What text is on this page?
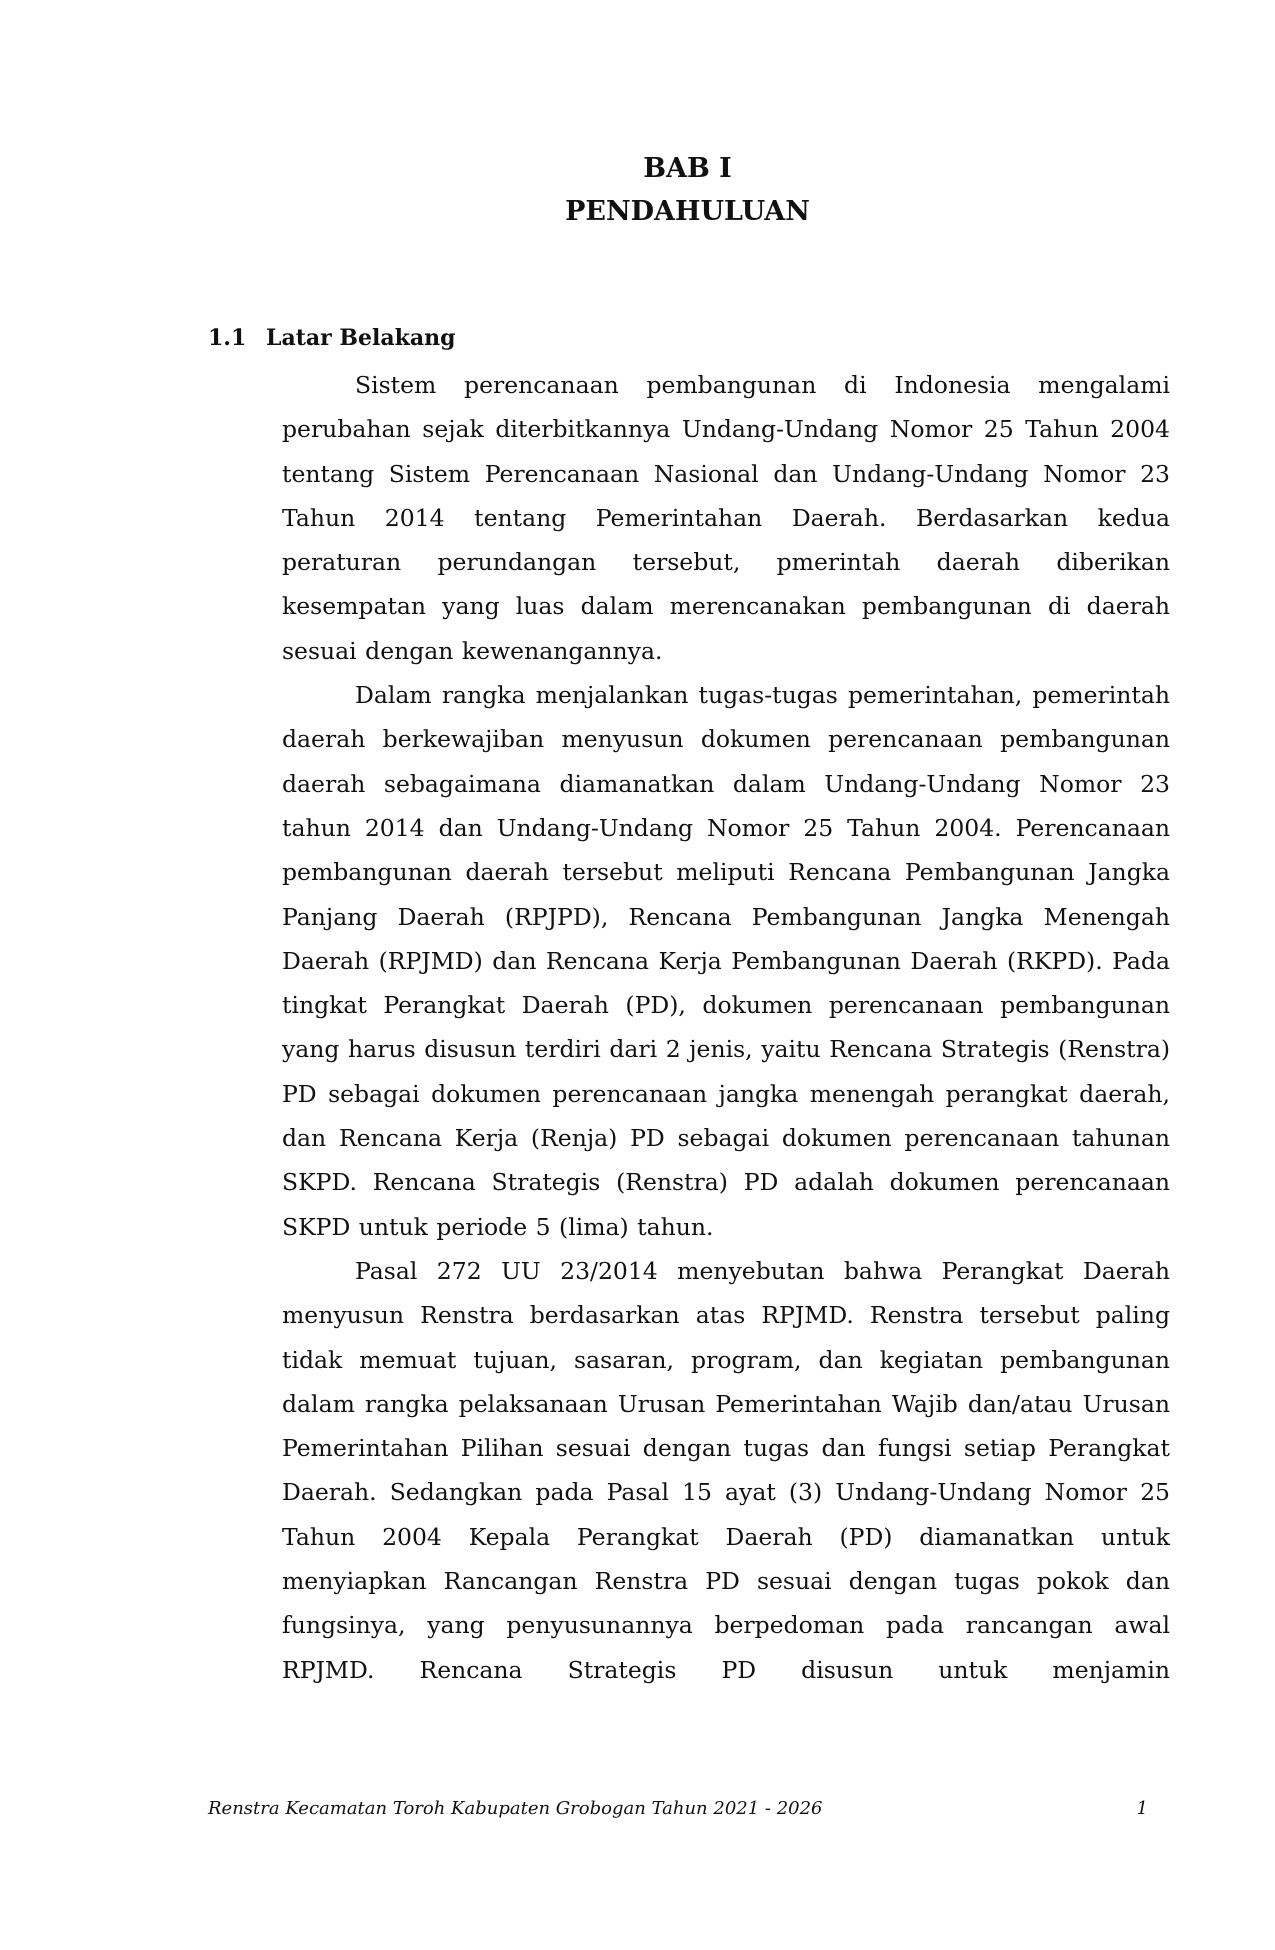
BAB I
PENDAHULUAN
1.1 Latar Belakang

Sistem perencanaan pembangunan di Indonesia mengalami perubahan sejak diterbitkannya Undang-Undang Nomor 25 Tahun 2004 tentang Sistem Perencanaan Nasional dan Undang-Undang Nomor 23 Tahun 2014 tentang Pemerintahan Daerah. Berdasarkan kedua peraturan perundangan tersebut, pmerintah daerah diberikan kesempatan yang luas dalam merencanakan pembangunan di daerah sesuai dengan kewenangannya.

Dalam rangka menjalankan tugas-tugas pemerintahan, pemerintah daerah berkewajiban menyusun dokumen perencanaan pembangunan daerah sebagaimana diamanatkan dalam Undang-Undang Nomor 23 tahun 2014 dan Undang-Undang Nomor 25 Tahun 2004. Perencanaan pembangunan daerah tersebut meliputi Rencana Pembangunan Jangka Panjang Daerah (RPJPD), Rencana Pembangunan Jangka Menengah Daerah (RPJMD) dan Rencana Kerja Pembangunan Daerah (RKPD). Pada tingkat Perangkat Daerah (PD), dokumen perencanaan pembangunan yang harus disusun terdiri dari 2 jenis, yaitu Rencana Strategis (Renstra) PD sebagai dokumen perencanaan jangka menengah perangkat daerah, dan Rencana Kerja (Renja) PD sebagai dokumen perencanaan tahunan SKPD. Rencana Strategis (Renstra) PD adalah dokumen perencanaan SKPD untuk periode 5 (lima) tahun.

Pasal 272 UU 23/2014 menyebutan bahwa Perangkat Daerah menyusun Renstra berdasarkan atas RPJMD. Renstra tersebut paling tidak memuat tujuan, sasaran, program, dan kegiatan pembangunan dalam rangka pelaksanaan Urusan Pemerintahan Wajib dan/atau Urusan Pemerintahan Pilihan sesuai dengan tugas dan fungsi setiap Perangkat Daerah. Sedangkan pada Pasal 15 ayat (3) Undang-Undang Nomor 25 Tahun 2004 Kepala Perangkat Daerah (PD) diamanatkan untuk menyiapkan Rancangan Renstra PD sesuai dengan tugas pokok dan fungsinya, yang penyusunannya berpedoman pada rancangan awal RPJMD. Rencana Strategis PD disusun untuk menjamin

Renstra Kecamatan Toroh Kabupaten Grobogan Tahun 2021 - 2026	1
